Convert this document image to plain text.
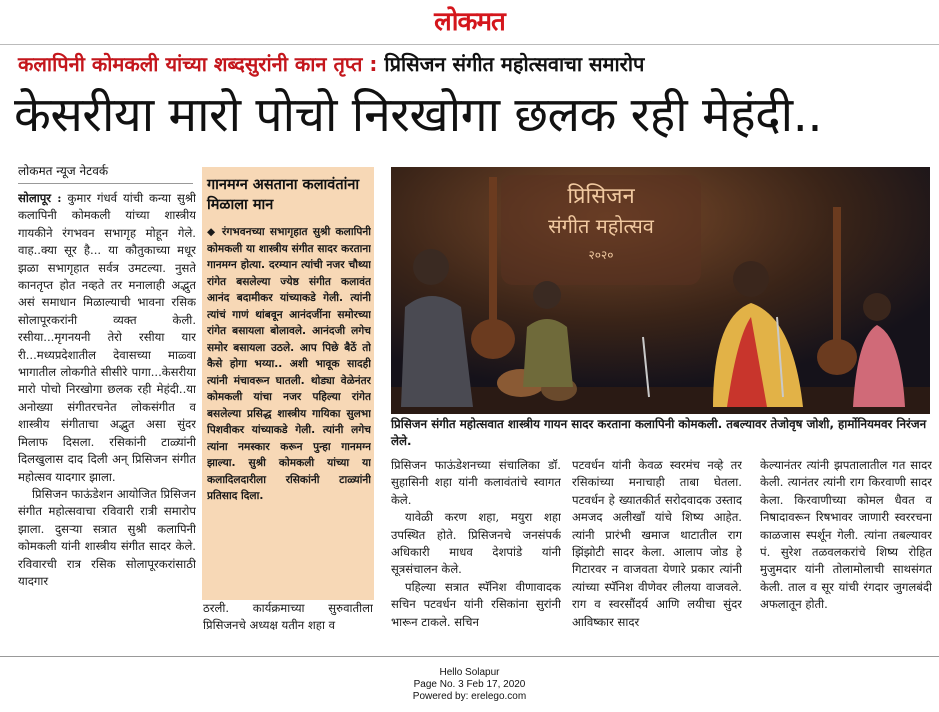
लोकमत
कलापिनी कोमकली यांच्या शब्दसुरांनी कान तृप्त : प्रिसिजन संगीत महोत्सवाचा समारोप
केसरीया मारो पोचो निरखोगा छलक रही मेहंदी..
लोकमत न्यूज नेटवर्क

सोलापूर : कुमार गंधर्व यांची कन्या सुश्री कलापिनी कोमकली यांच्या शास्त्रीय गायकीने रंगभवन सभागृह मोहून गेले. वाह..क्या सूर है... या कौतुकाच्या मधूर झळा सभागृहात सर्वत्र उमटल्या. नुसते कानतृप्त होत नव्हते तर मनालाही अद्भुत असं समाधान मिळाल्याची भावना रसिक सोलापूरकरांनी व्यक्त केली. रसीया...मृगनयनी तेरो रसीया यार री...मध्यप्रदेशातील देवासच्या माळ्वा भागातील लोकगीते सीसीरे पागा...केसरीया मारो पोचो निरखोगा छलक रही मेहंदी..या अनोख्या संगीतरचनेत लोकसंगीत व शास्त्रीय संगीताचा अद्भुत असा सुंदर मिलाफ दिसला. रसिकांनी टाळ्यांनी दिलखुलास दाद दिली अन् प्रिसिजन संगीत महोत्सव यादगार झाला.

प्रिसिजन फाऊंडेशन आयोजित प्रिसिजन संगीत महोत्सवाचा रविवारी रात्री समारोप झाला. दुसऱ्या सत्रात सुश्री कलापिनी कोमकली यांनी शास्त्रीय संगीत सादर केले. रविवारची रात्र रसिक सोलापूरकरांसाठी यादगार

गानमग्न असताना कलावंतांना मिळाला मान
◆ रंगभवनच्या सभागृहात सुश्री कलापिनी कोमकली या शास्त्रीय संगीत सादर करताना गानमग्न होत्या. दरम्यान त्यांची नजर चौथ्या रांगेत बसलेल्या ज्येष्ठ संगीत कलावंत आनंद बदामीकर यांच्याकडे गेली. त्यांनी त्यांचं गाणं थांबवून आनंदजींना समोरच्या रांगेत बसायला बोलावले. आनंदजी लगेच समोर बसायला उठले. आप पिछे बैठें तो कैसे होगा भय्या.. अशी भावूक सादही त्यांनी मंचावरून घातली. थोड्या वेळेनंतर कोमकली यांचा नजर पहिल्या रांगेत बसलेल्या प्रसिद्ध शास्त्रीय गायिका सुलभा पिशवीकर यांच्याकडे गेली. त्यांनी लगेच त्यांना नमस्कार करून पुन्हा गानमग्न झाल्या. सुश्री कोमकली यांच्या या कलादिलदारीला रसिकांनी टाळ्यांनी प्रतिसाद दिला.

ठरली. कार्यक्रमाच्या सुरुवातीला प्रिसिजनचे अध्यक्ष यतीन शहा व

प्रिसिजन
संगीत महोत्सव
२०२०
प्रिसिजन संगीत महोत्सवात शास्त्रीय गायन सादर करताना कलापिनी कोमकली. तबल्यावर तेजोवृष जोशी, हार्मोनियमवर निरंजन लेले.

प्रिसिजन फाऊंडेशनच्या संचालिका डॉ. सुहासिनी शहा यांनी कलावंतांचे स्वागत केले.

यावेळी करण शहा, मयुरा शहा उपस्थित होते. प्रिसिजनचे जनसंपर्क अधिकारी माधव देशपांडे यांनी सूत्रसंचालन केले.

पहिल्या सत्रात स्पॅनिश वीणावादक सचिन पटवर्धन यांनी रसिकांना सुरांनी भारून टाकले. सचिन

पटवर्धन यांनी केवळ स्वरमंच नव्हे तर रसिकांच्या मनाचाही ताबा घेतला. पटवर्धन हे ख्यातकीर्त सरोदवादक उस्ताद अमजद अलीखाँ यांचे शिष्य आहेत. त्यांनी प्रारंभी खमाज थाटातील राग झिंझोटी सादर केला. आलाप जोड हे गिटारवर न वाजवता येणारे प्रकार त्यांनी त्यांच्या स्पॅनिश वीणेवर लीलया वाजवले. राग व स्वरसौंदर्य आणि लयीचा सुंदर आविष्कार सादर

केल्यानंतर त्यांनी झपतालातील गत सादर केली. त्यानंतर त्यांनी राग किरवाणी सादर केला. किरवाणीच्या कोमल धैवत व निषादावरून रिषभावर जाणारी स्वररचना काळजास स्पर्शून गेली. त्यांना तबल्यावर पं. सुरेश तळवलकरांचे शिष्य रोहित मुजुमदार यांनी तोलामोलाची साथसंगत केली. ताल व सूर यांची रंगदार जुगलबंदी अफलातून होती.

Hello Solapur
Page No. 3 Feb 17, 2020
Powered by: erelego.com
